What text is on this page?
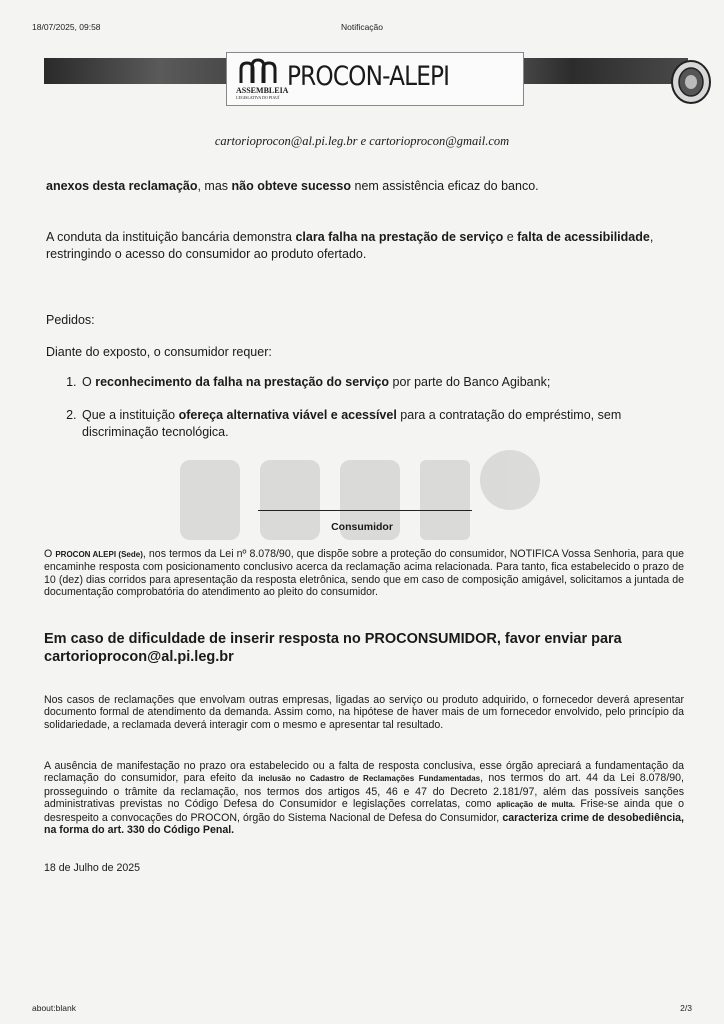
18/07/2025, 09:58	Notificação
ASSEMBLEIA
LEGISLATIVA DO PIAUÍ
PROCON-ALEPI
cartorioprocon@al.pi.leg.br e cartorioprocon@gmail.com
anexos desta reclamação, mas não obteve sucesso nem assistência eficaz do banco.
A conduta da instituição bancária demonstra clara falha na prestação de serviço e falta de acessibilidade, restringindo o acesso do consumidor ao produto ofertado.
Pedidos:
Diante do exposto, o consumidor requer:
1. O reconhecimento da falha na prestação do serviço por parte do Banco Agibank;
2. Que a instituição ofereça alternativa viável e acessível para a contratação do empréstimo, sem discriminação tecnológica.
Consumidor
O PROCON ALEPI (Sede), nos termos da Lei nº 8.078/90, que dispõe sobre a proteção do consumidor, NOTIFICA Vossa Senhoria, para que encaminhe resposta com posicionamento conclusivo acerca da reclamação acima relacionada. Para tanto, fica estabelecido o prazo de 10 (dez) dias corridos para apresentação da resposta eletrônica, sendo que em caso de composição amigável, solicitamos a juntada de documentação comprobatória do atendimento ao pleito do consumidor.
Em caso de dificuldade de inserir resposta no PROCONSUMIDOR, favor enviar para cartorioprocon@al.pi.leg.br
Nos casos de reclamações que envolvam outras empresas, ligadas ao serviço ou produto adquirido, o fornecedor deverá apresentar documento formal de atendimento da demanda. Assim como, na hipótese de haver mais de um fornecedor envolvido, pelo princípio da solidariedade, a reclamada deverá interagir com o mesmo e apresentar tal resultado.
A ausência de manifestação no prazo ora estabelecido ou a falta de resposta conclusiva, esse órgão apreciará a fundamentação da reclamação do consumidor, para efeito da inclusão no Cadastro de Reclamações Fundamentadas, nos termos do art. 44 da Lei 8.078/90, prosseguindo o trâmite da reclamação, nos termos dos artigos 45, 46 e 47 do Decreto 2.181/97, além das possíveis sanções administrativas previstas no Código Defesa do Consumidor e legislações correlatas, como aplicação de multa. Frise-se ainda que o desrespeito a convocações do PROCON, órgão do Sistema Nacional de Defesa do Consumidor, caracteriza crime de desobediência, na forma do art. 330 do Código Penal.
18 de Julho de 2025
about:blank	2/3
